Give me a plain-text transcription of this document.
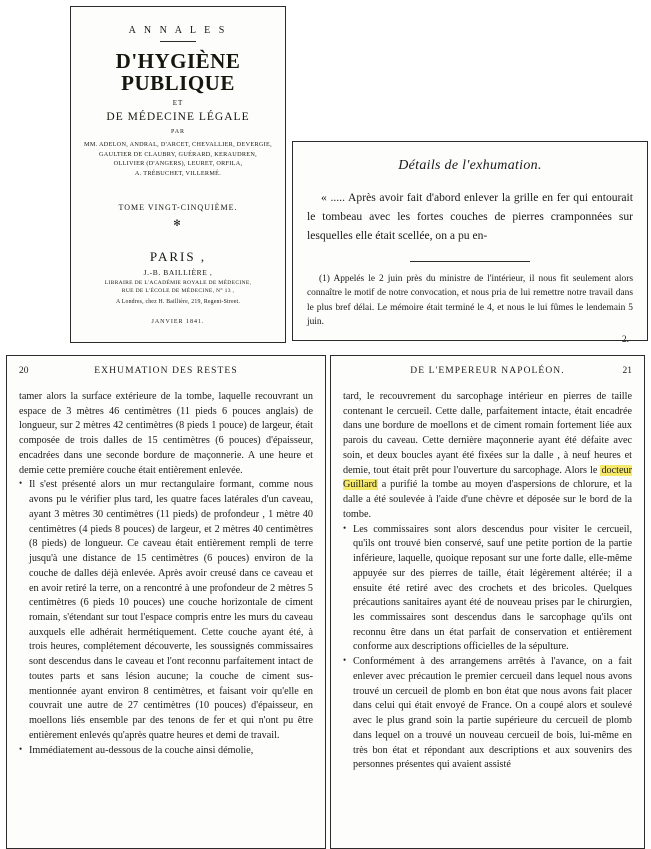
A N N A L E S
D'HYGIÈNE PUBLIQUE
ET
DE MÉDECINE LÉGALE
PAR
MM. ADELON, ANDRAL, D'ARCET, CHEVALLIER, DEVERGIE,
GAULTIER DE CLAUBRY, GUÉRARD, KERAUDREN,
OLLIVIER (D'ANGERS), LEURET, ORFILA,
A. TRÉBUCHET, VILLERMÉ.
TOME VINGT-CINQUIÈME.
✻
PARIS ,
J.-B. BAILLIÈRE ,
LIBRAIRE DE L'ACADÉMIE ROYALE DE MÉDECINE,
RUE DE L'ÉCOLE DE MÉDECINE, N° 13 ,
A Londres, chez H. Baillière, 219, Regent-Street.
JANVIER 1841.
Détails de l'exhumation.
« ..... Après avoir fait d'abord enlever la grille en fer qui entourait le tombeau avec les fortes couches de pierres cramponnées sur lesquelles elle était scellée, on a pu en-
(1) Appelés le 2 juin près du ministre de l'intérieur, il nous fit seulement alors connaître le motif de notre convocation, et nous pria de lui remettre notre travail dans le plus bref délai. Le mémoire était terminé le 4, et nous le lui fûmes le lendemain 5 juin.
2.
20	EXHUMATION DES RESTES

tamer alors la surface extérieure de la tombe, laquelle recouvrant un espace de 3 mètres 46 centimètres (11 pieds 6 pouces anglais) de longueur, sur 2 mètres 42 centimètres (8 pieds 1 pouce) de largeur, était composée de trois dalles de 15 centimètres (6 pouces) d'épaisseur, encadrées dans une seconde bordure de maçonnerie. A une heure et demie cette première couche était entièrement enlevée.

• Il s'est présenté alors un mur rectangulaire formant, comme nous avons pu le vérifier plus tard, les quatre faces latérales d'un caveau, ayant 3 mètres 30 centimètres (11 pieds) de profondeur , 1 mètre 40 centimètres (4 pieds 8 pouces) de largeur, et 2 mètres 40 centimètres (8 pieds) de longueur. Ce caveau était entièrement rempli de terre jusqu'à une distance de 15 centimètres (6 pouces) environ de la couche de dalles déjà enlevée. Après avoir creusé dans ce caveau et en avoir retiré la terre, on a rencontré à une profondeur de 2 mètres 5 centimètres (6 pieds 10 pouces) une couche horizontale de ciment romain, s'étendant sur tout l'espace compris entre les murs du caveau auxquels elle adhérait hermétiquement. Cette couche ayant été, à trois heures, complétement découverte, les soussignés commissaires sont descendus dans le caveau et l'ont reconnu parfaitement intact de toutes parts et sans lésion aucune; la couche de ciment sus-mentionnée ayant environ 8 centimètres, et faisant voir qu'elle en couvrait une autre de 27 centimètres (10 pouces) d'épaisseur, en moellons liés ensemble par des tenons de fer et qui n'ont pu être entièrement enlevés qu'après quatre heures et demi de travail.

• Immédiatement au-dessous de la couche ainsi démolie,

DE L'EMPEREUR NAPOLÉON.	21

tard, le recouvrement du sarcophage intérieur en pierres de taille contenant le cercueil. Cette dalle, parfaitement intacte, était encadrée dans une bordure de moellons et de ciment romain fortement liée aux parois du caveau. Cette dernière maçonnerie ayant été défaite avec soin, et deux boucles ayant été fixées sur la dalle , à neuf heures et demie, tout était prêt pour l'ouverture du sarcophage. Alors le docteur Guillard a purifié la tombe au moyen d'aspersions de chlorure, et la dalle a été soulevée à l'aide d'une chèvre et déposée sur le bord de la tombe.

• Les commissaires sont alors descendus pour visiter le cercueil, qu'ils ont trouvé bien conservé, sauf une petite portion de la partie inférieure, laquelle, quoique reposant sur une forte dalle, elle-même appuyée sur des pierres de taille, était légèrement altérée; il a ensuite été retiré avec des crochets et des bricoles. Quelques précautions sanitaires ayant été de nouveau prises par le chirurgien, les commissaires sont descendus dans le sarcophage qu'ils ont reconnu être dans un état parfait de conservation et entièrement conforme aux descriptions officielles de la sépulture.

• Conformément à des arrangemens arrêtés à l'avance, on a fait enlever avec précaution le premier cercueil dans lequel nous avons trouvé un cercueil de plomb en bon état que nous avons fait placer dans celui qui était envoyé de France. On a coupé alors et soulevé avec le plus grand soin la partie supérieure du cercueil de plomb dans lequel on a trouvé un nouveau cercueil de bois, lui-même en très bon état et répondant aux descriptions et aux souvenirs des personnes présentes qui avaient assisté
